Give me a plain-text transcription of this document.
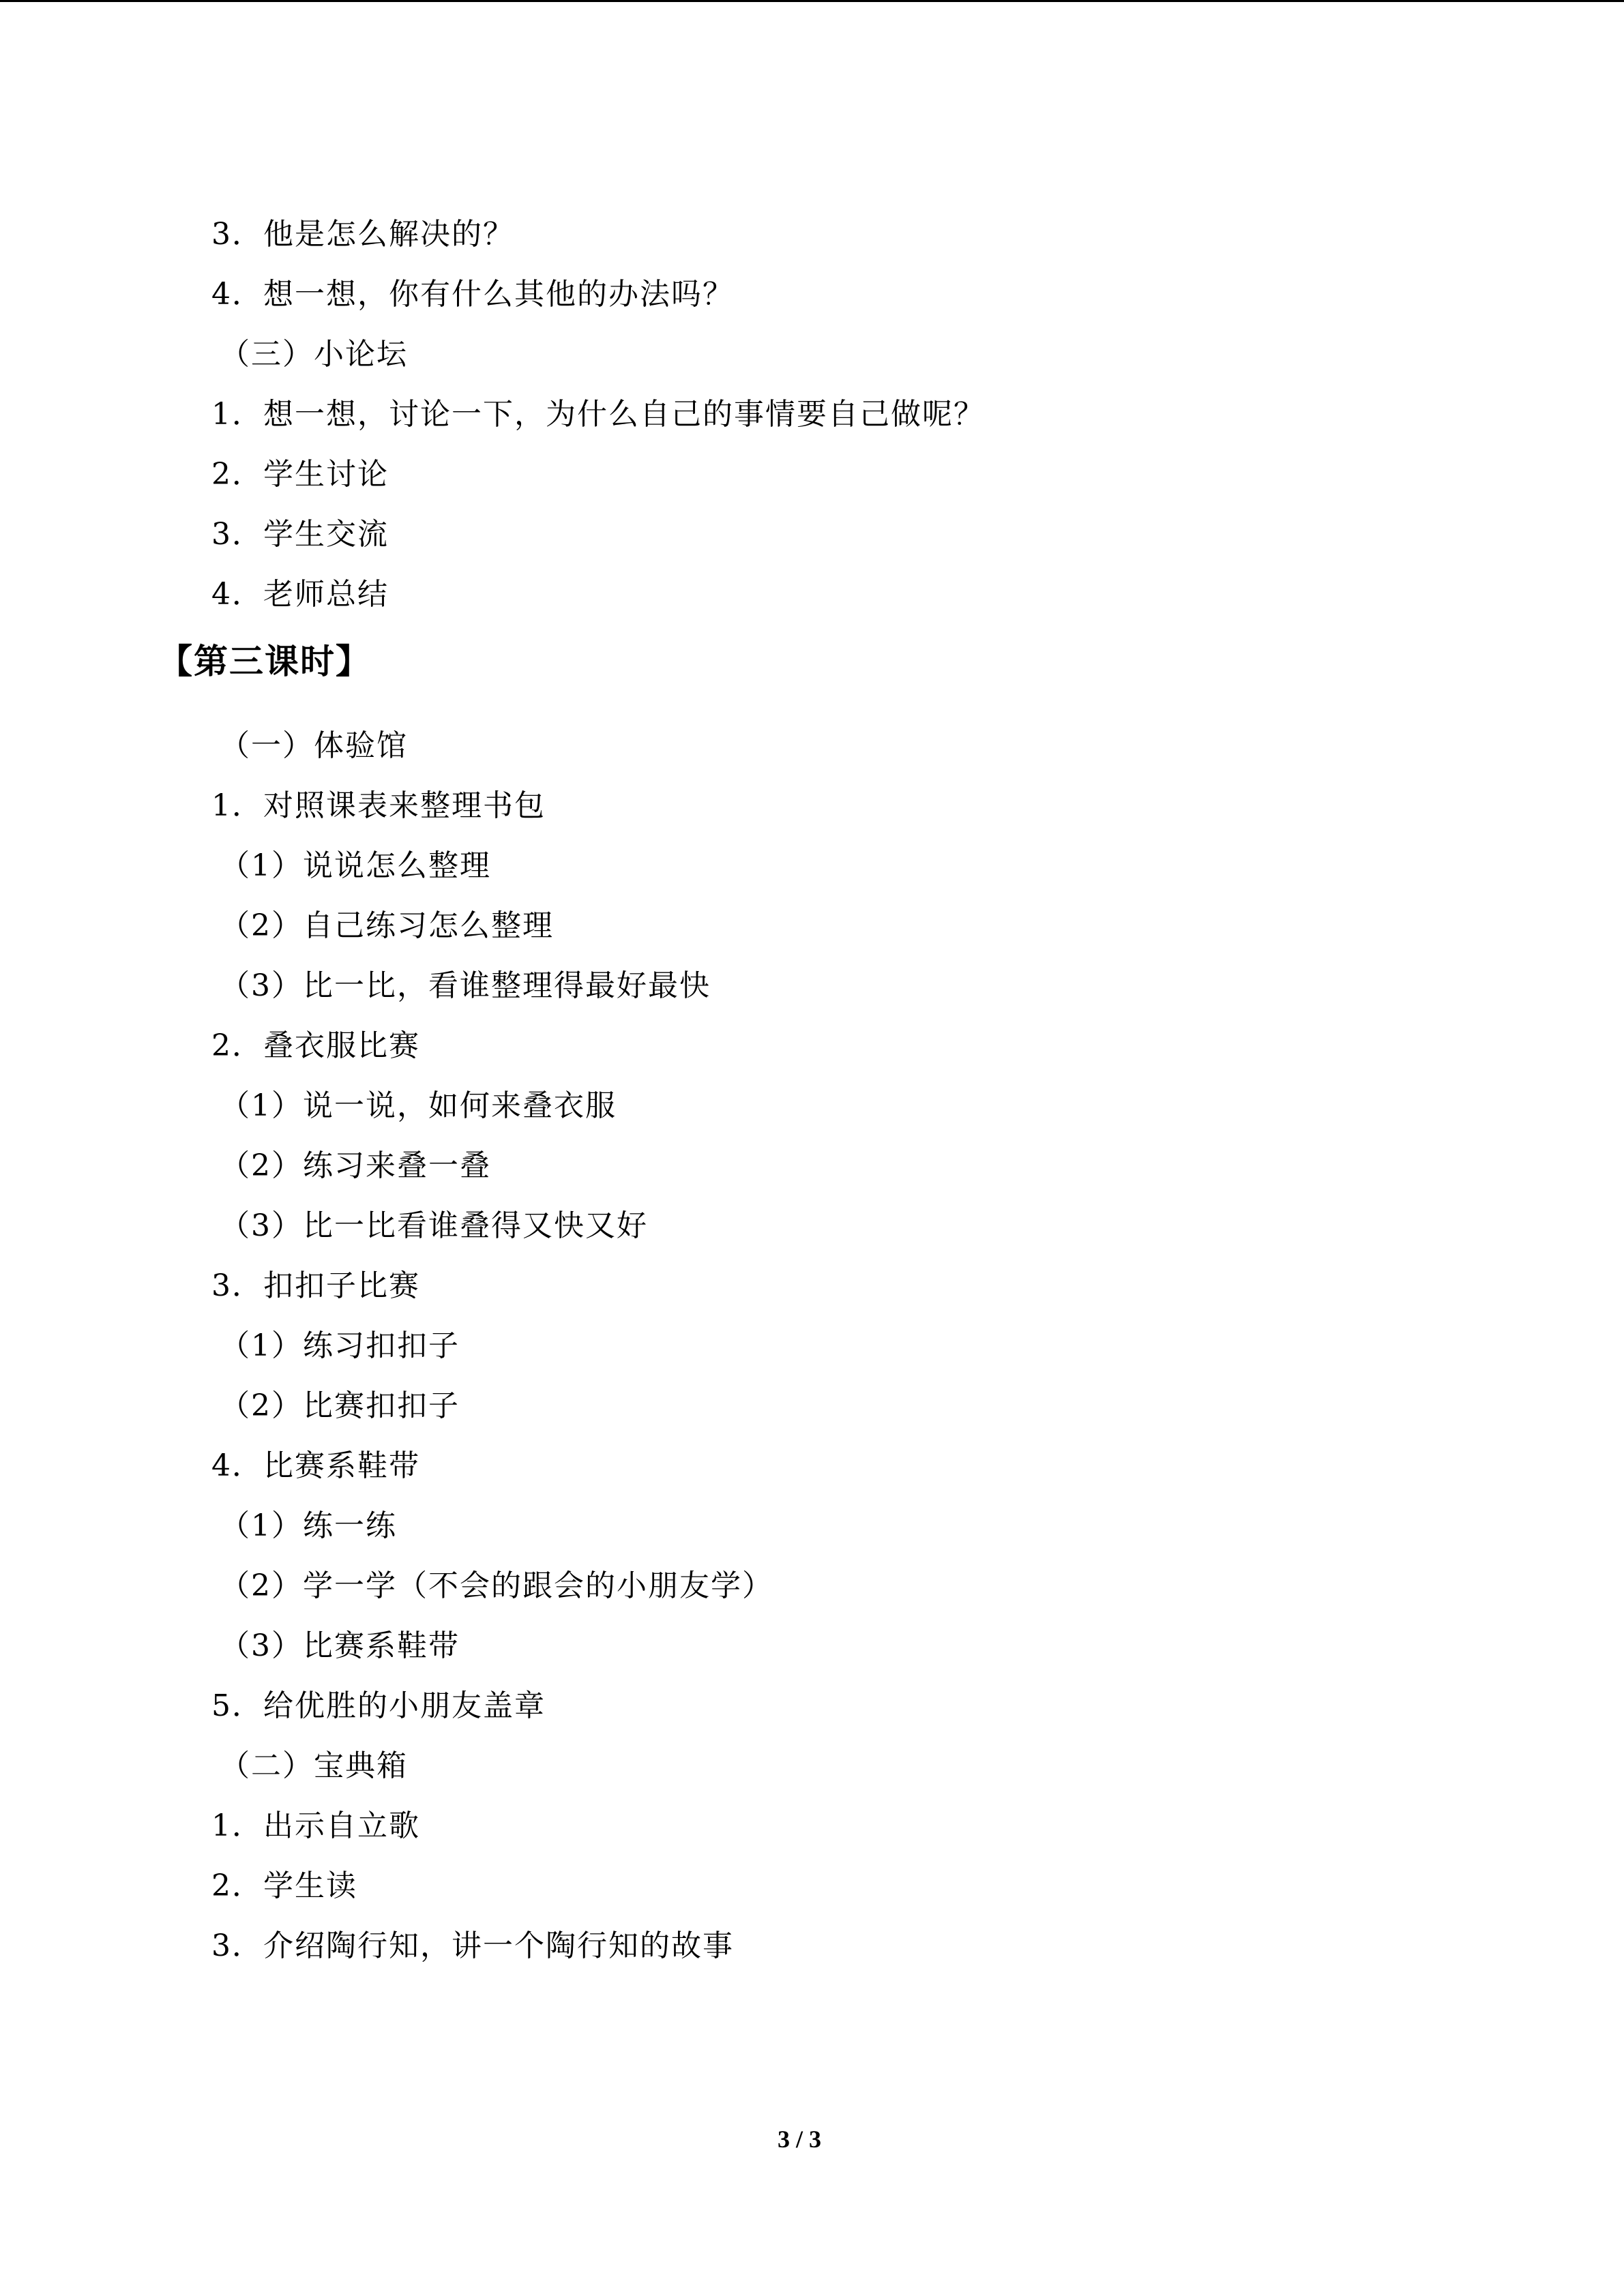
3．他是怎么解决的？
4．想一想，你有什么其他的办法吗？
（三）小论坛
1．想一想，讨论一下，为什么自己的事情要自己做呢？
2．学生讨论
3．学生交流
4．老师总结
【第三课时】
（一）体验馆
1．对照课表来整理书包
（1）说说怎么整理
（2）自己练习怎么整理
（3）比一比，看谁整理得最好最快
2．叠衣服比赛
（1）说一说，如何来叠衣服
（2）练习来叠一叠
（3）比一比看谁叠得又快又好
3．扣扣子比赛
（1）练习扣扣子
（2）比赛扣扣子
4．比赛系鞋带
（1）练一练
（2）学一学（不会的跟会的小朋友学）
（3）比赛系鞋带
5．给优胜的小朋友盖章
（二）宝典箱
1．出示自立歌
2．学生读
3．介绍陶行知，讲一个陶行知的故事
3 / 3
